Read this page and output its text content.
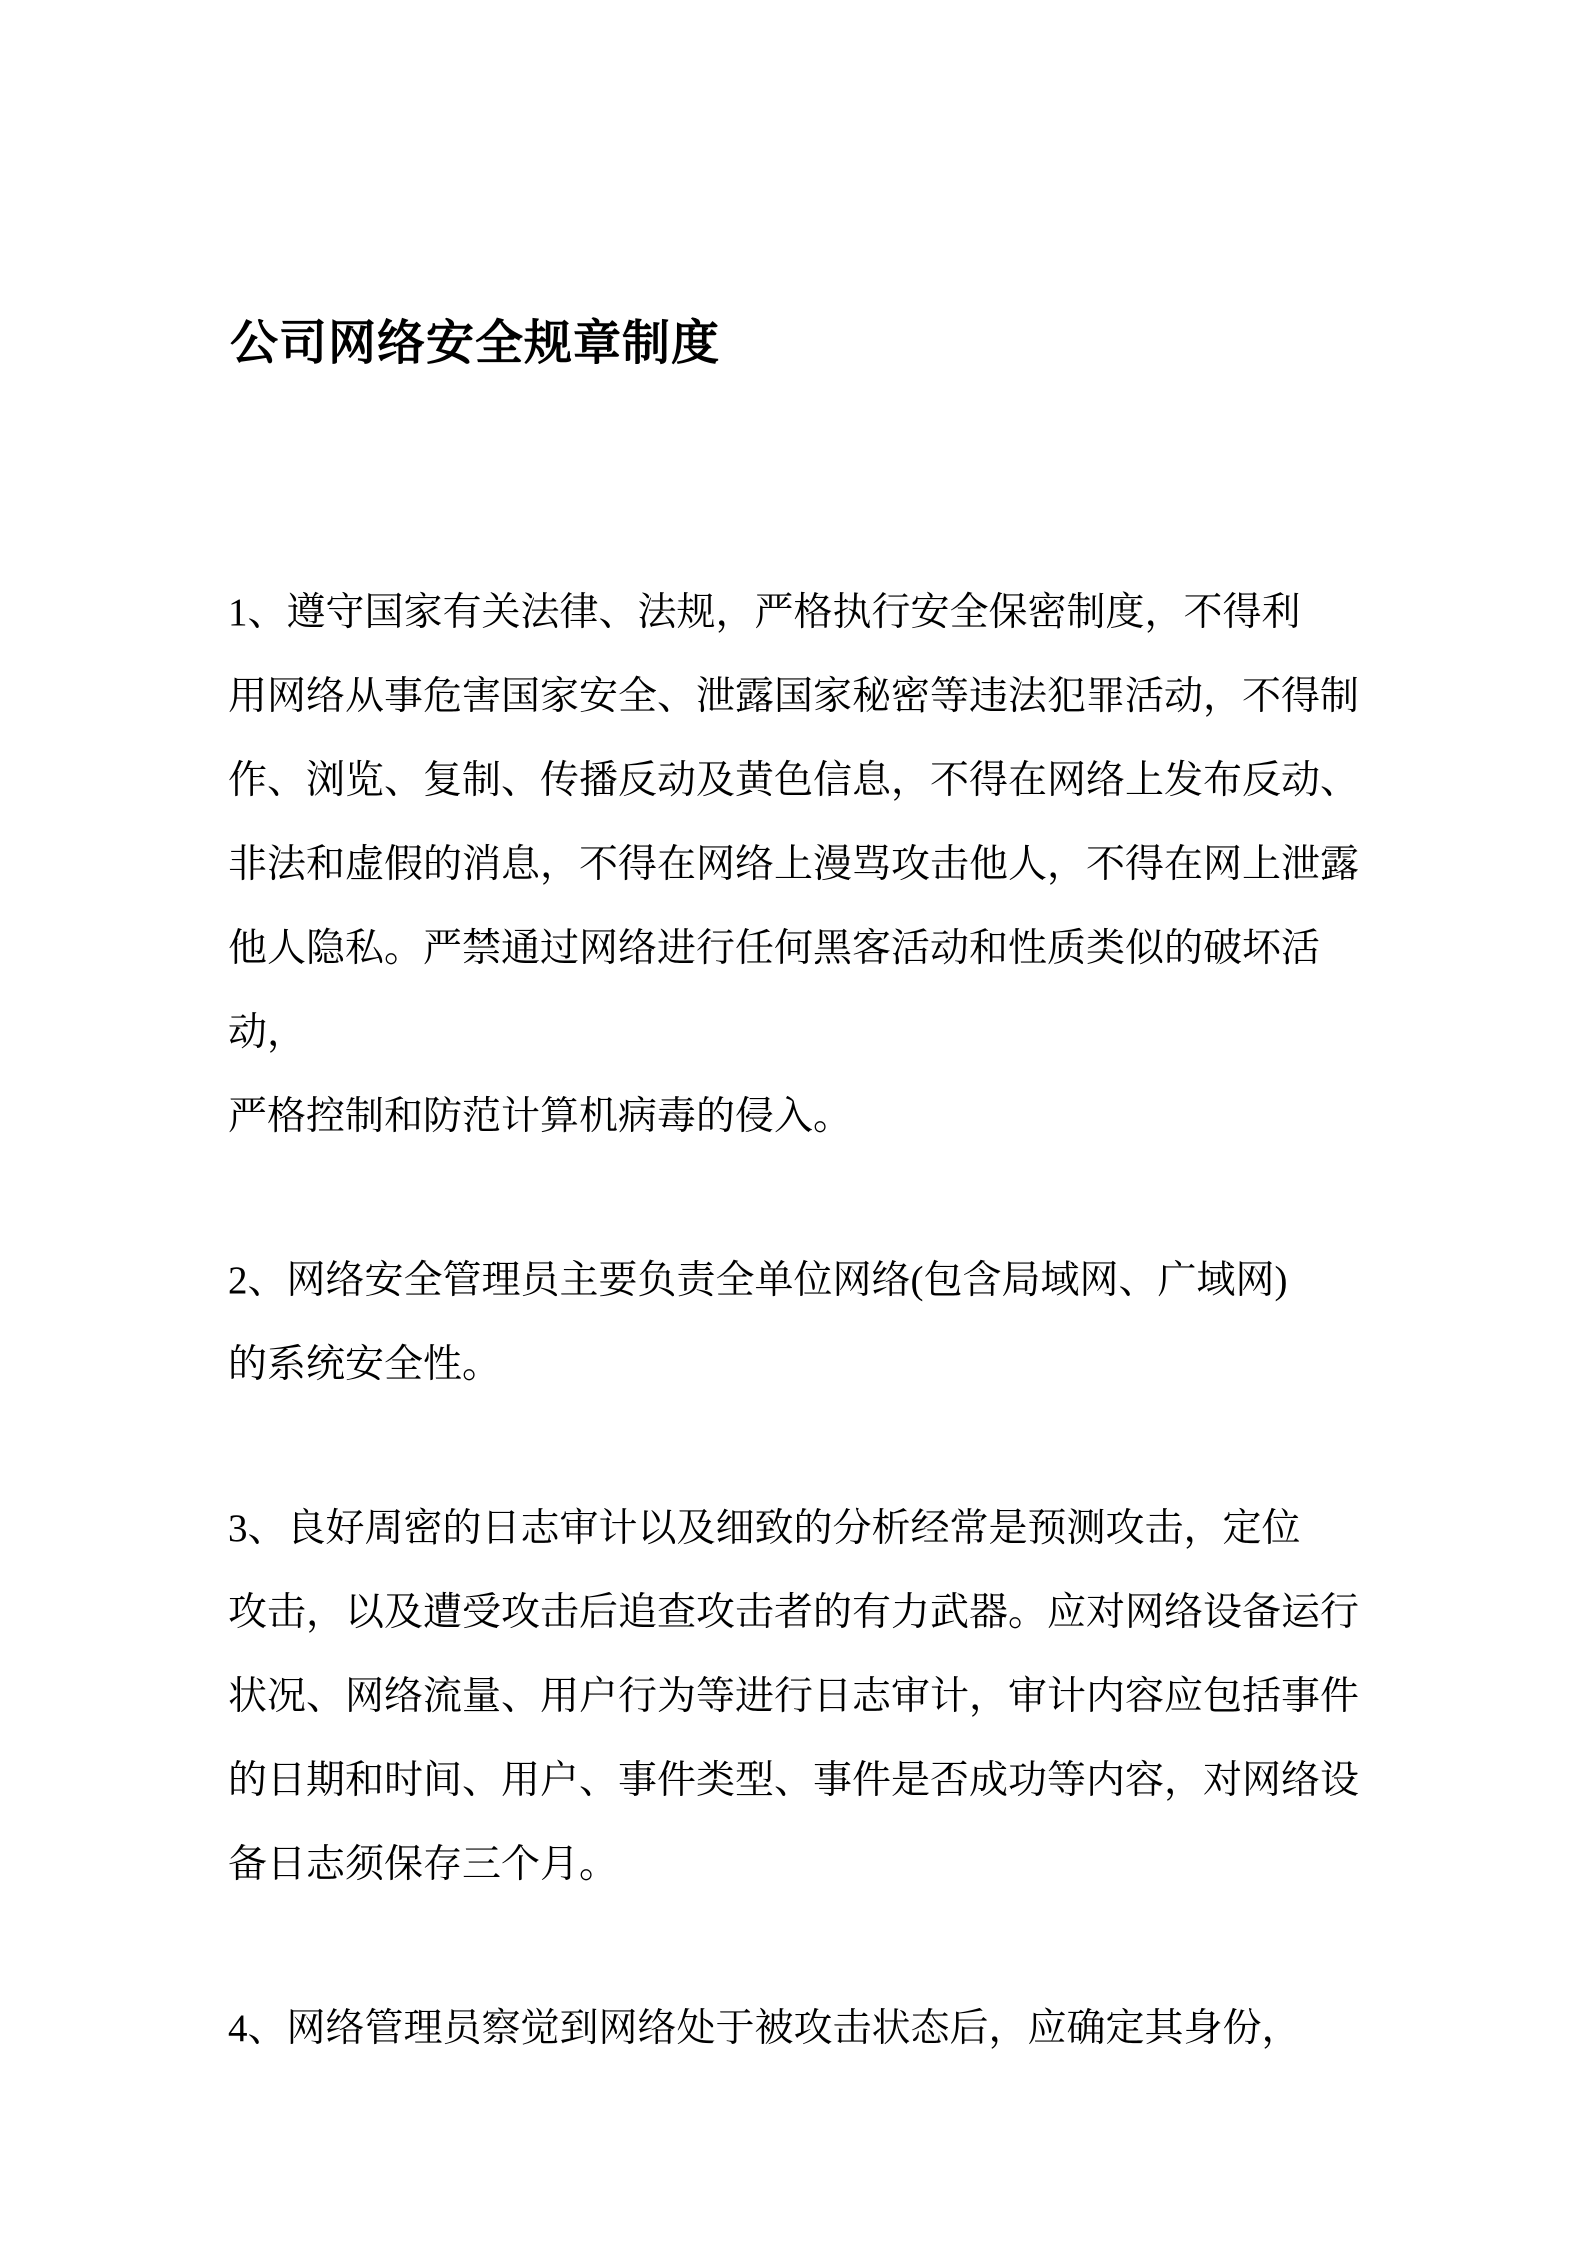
公司网络安全规章制度
1、遵守国家有关法律、法规，严格执行安全保密制度，不得利
用网络从事危害国家安全、泄露国家秘密等违法犯罪活动，不得制
作、浏览、复制、传播反动及黄色信息，不得在网络上发布反动、
非法和虚假的消息，不得在网络上漫骂攻击他人，不得在网上泄露
他人隐私。严禁通过网络进行任何黑客活动和性质类似的破坏活
动，
严格控制和防范计算机病毒的侵入。
2、网络安全管理员主要负责全单位网络(包含局域网、广域网)
的系统安全性。
3、良好周密的日志审计以及细致的分析经常是预测攻击，定位
攻击，以及遭受攻击后追查攻击者的有力武器。应对网络设备运行
状况、网络流量、用户行为等进行日志审计，审计内容应包括事件
的日期和时间、用户、事件类型、事件是否成功等内容，对网络设
备日志须保存三个月。
4、网络管理员察觉到网络处于被攻击状态后，应确定其身份，
